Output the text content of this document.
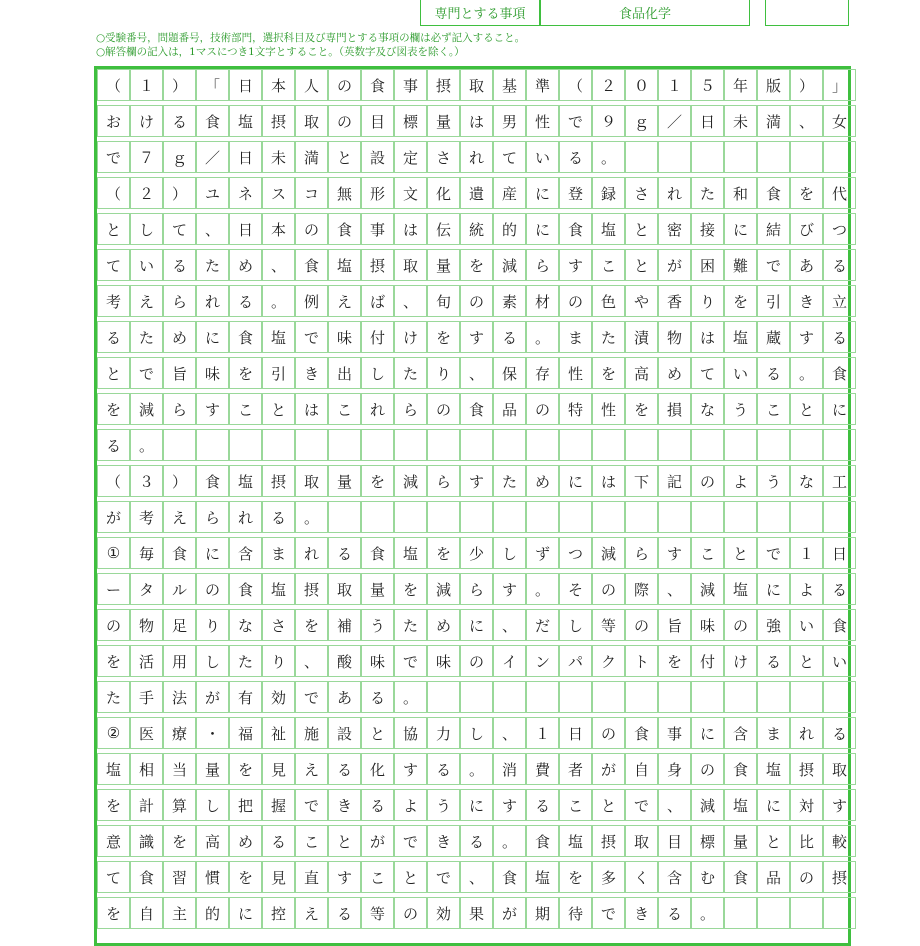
専門とする事項	食品化学
○受験番号，問題番号，技術部門，選択科目及び専門とする事項の欄は必ず記入すること。
○解答欄の記入は，1マスにつき1文字とすること。（英数字及び図表を除く。）
（	１	）	「	日	本	人	の	食	事	摂	取	基	準	（	２	０	１	５	年	版	）	」
お	け	る	食	塩	摂	取	の	目	標	量	は	男	性	で	９	ｇ	／	日	未	満	、	女
で	７	ｇ	／	日	未	満	と	設	定	さ	れ	て	い	る	。
（	２	）	ユ	ネ	ス	コ	無	形	文	化	遺	産	に	登	録	さ	れ	た	和	食	を	代
と	し	て	、	日	本	の	食	事	は	伝	統	的	に	食	塩	と	密	接	に	結	び	つ
て	い	る	た	め	、	食	塩	摂	取	量	を	減	ら	す	こ	と	が	困	難	で	あ	る
考	え	ら	れ	る	。	例	え	ば	、	旬	の	素	材	の	色	や	香	り	を	引	き	立
る	た	め	に	食	塩	で	味	付	け	を	す	る	。	ま	た	漬	物	は	塩	蔵	す	る
と	で	旨	味	を	引	き	出	し	た	り	、	保	存	性	を	高	め	て	い	る	。	食
を	減	ら	す	こ	と	は	こ	れ	ら	の	食	品	の	特	性	を	損	な	う	こ	と	に
る	。
（	３	）	食	塩	摂	取	量	を	減	ら	す	た	め	に	は	下	記	の	よ	う	な	工
が	考	え	ら	れ	る	。
①	毎	食	に	含	ま	れ	る	食	塩	を	少	し	ず	つ	減	ら	す	こ	と	で	１	日
ー	タ	ル	の	食	塩	摂	取	量	を	減	ら	す	。	そ	の	際	、	減	塩	に	よ	る
の	物	足	り	な	さ	を	補	う	た	め	に	、	だ	し	等	の	旨	味	の	強	い	食
を	活	用	し	た	り	、	酸	味	で	味	の	イ	ン	パ	ク	ト	を	付	け	る	と	い
た	手	法	が	有	効	で	あ	る	。
②	医	療	・	福	祉	施	設	と	協	力	し	、	１	日	の	食	事	に	含	ま	れ	る
塩	相	当	量	を	見	え	る	化	す	る	。	消	費	者	が	自	身	の	食	塩	摂	取
を	計	算	し	把	握	で	き	る	よ	う	に	す	る	こ	と	で	、	減	塩	に	対	す
意	識	を	高	め	る	こ	と	が	で	き	る	。	食	塩	摂	取	目	標	量	と	比	較
て	食	習	慣	を	見	直	す	こ	と	で	、	食	塩	を	多	く	含	む	食	品	の	摂
を	自	主	的	に	控	え	る	等	の	効	果	が	期	待	で	き	る	。
